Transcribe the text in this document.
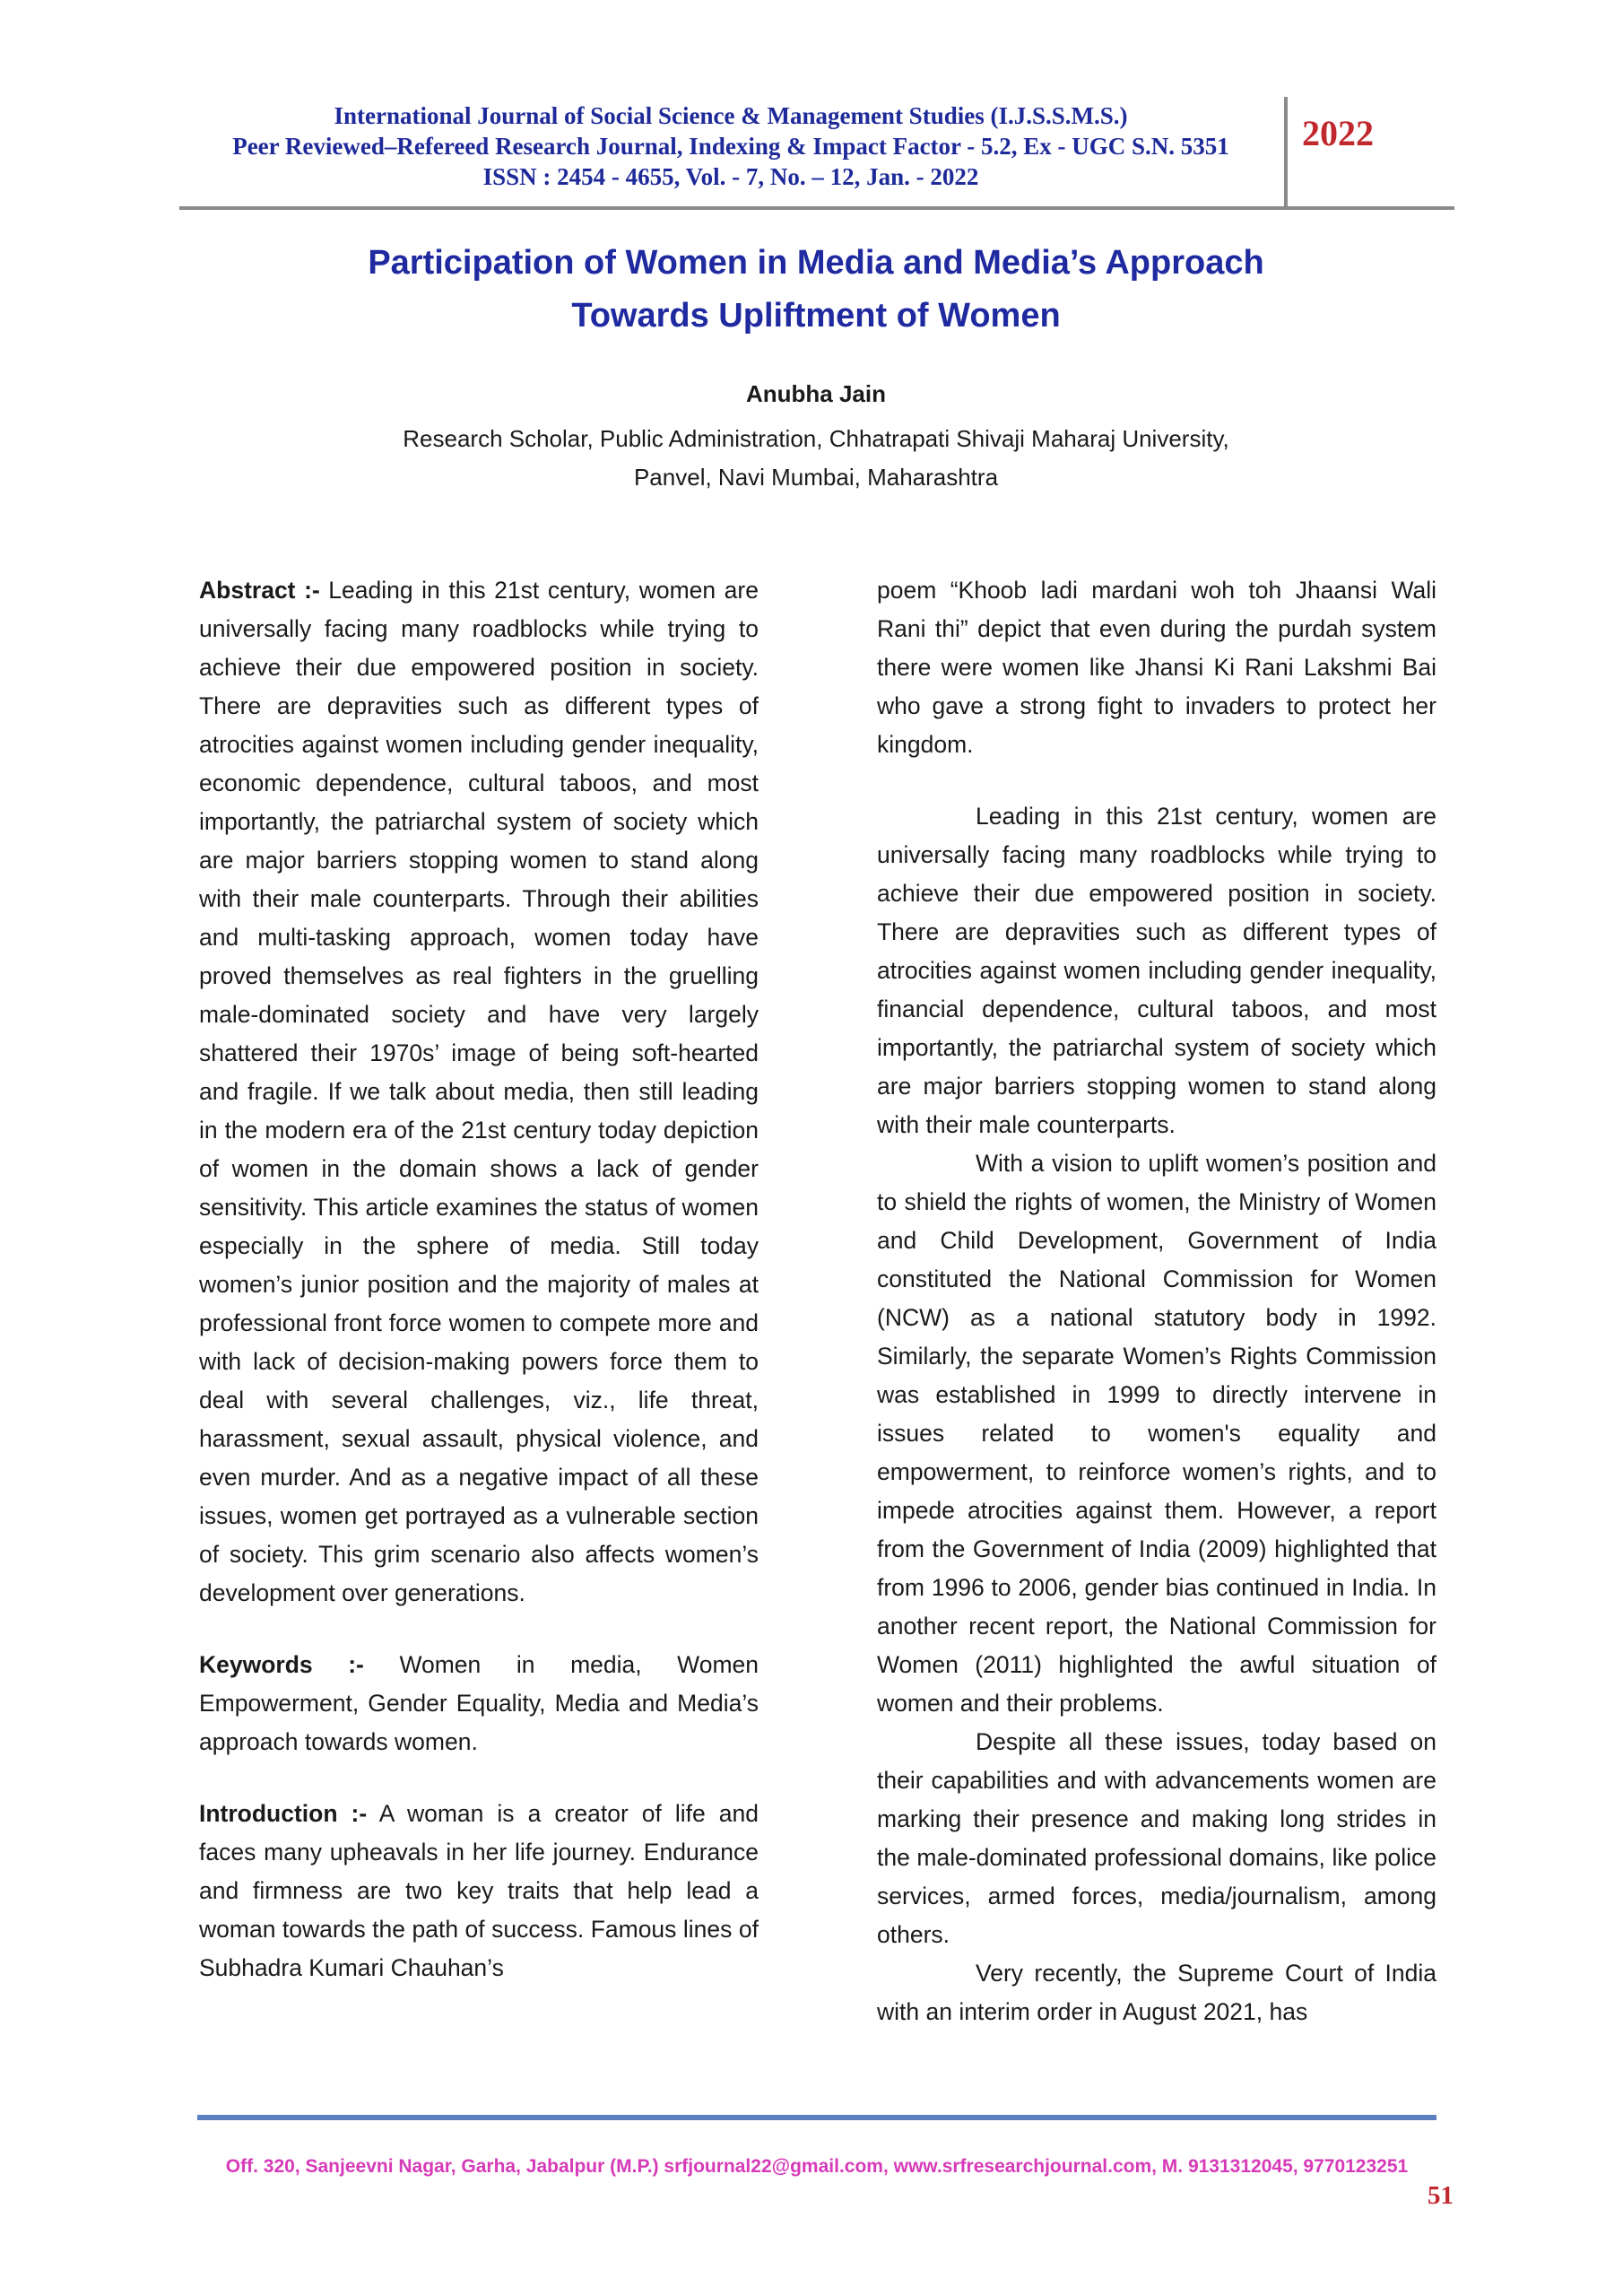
International Journal of Social Science & Management Studies (I.J.S.S.M.S.)
Peer Reviewed–Refereed Research Journal, Indexing & Impact Factor - 5.2, Ex - UGC S.N. 5351
ISSN : 2454 - 4655, Vol. - 7, No. – 12, Jan. - 2022
2022
Participation of Women in Media and Media’s Approach
Towards Upliftment of Women
Anubha Jain
Research Scholar, Public Administration, Chhatrapati Shivaji Maharaj University,
Panvel, Navi Mumbai, Maharashtra

Abstract :- Leading in this 21st century, women are universally facing many roadblocks while trying to achieve their due empowered position in society. There are depravities such as different types of atrocities against women including gender inequality, economic dependence, cultural taboos, and most importantly, the patriarchal system of society which are major barriers stopping women to stand along with their male counterparts. Through their abilities and multi-tasking approach, women today have proved themselves as real fighters in the gruelling male-dominated society and have very largely shattered their 1970s’ image of being soft-hearted and fragile. If we talk about media, then still leading in the modern era of the 21st century today depiction of women in the domain shows a lack of gender sensitivity. This article examines the status of women especially in the sphere of media. Still today women’s junior position and the majority of males at professional front force women to compete more and with lack of decision-making powers force them to deal with several challenges, viz., life threat, harassment, sexual assault, physical violence, and even murder. And as a negative impact of all these issues, women get portrayed as a vulnerable section of society. This grim scenario also affects women’s development over generations.

Keywords :- Women in media, Women Empowerment, Gender Equality, Media and Media’s approach towards women.

Introduction :- A woman is a creator of life and faces many upheavals in her life journey. Endurance and firmness are two key traits that help lead a woman towards the path of success. Famous lines of Subhadra Kumari Chauhan’s

poem “Khoob ladi mardani woh toh Jhaansi Wali Rani thi” depict that even during the purdah system there were women like Jhansi Ki Rani Lakshmi Bai who gave a strong fight to invaders to protect her kingdom.

Leading in this 21st century, women are universally facing many roadblocks while trying to achieve their due empowered position in society. There are depravities such as different types of atrocities against women including gender inequality, financial dependence, cultural taboos, and most importantly, the patriarchal system of society which are major barriers stopping women to stand along with their male counterparts.

With a vision to uplift women’s position and to shield the rights of women, the Ministry of Women and Child Development, Government of India constituted the National Commission for Women (NCW) as a national statutory body in 1992. Similarly, the separate Women’s Rights Commission was established in 1999 to directly intervene in issues related to women's equality and empowerment, to reinforce women’s rights, and to impede atrocities against them. However, a report from the Government of India (2009) highlighted that from 1996 to 2006, gender bias continued in India. In another recent report, the National Commission for Women (2011) highlighted the awful situation of women and their problems.

Despite all these issues, today based on their capabilities and with advancements women are marking their presence and making long strides in the male-dominated professional domains, like police services, armed forces, media/journalism, among others.

Very recently, the Supreme Court of India with an interim order in August 2021, has

Off. 320, Sanjeevni Nagar, Garha, Jabalpur (M.P.) srfjournal22@gmail.com, www.srfresearchjournal.com, M. 9131312045, 9770123251
51
